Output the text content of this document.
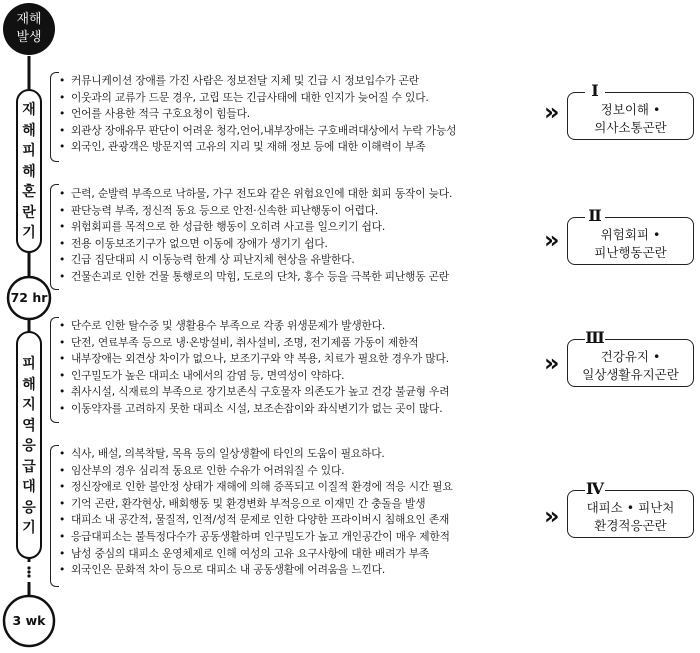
재해
발생
72 hr
3 wk
재해피해혼란기
피해지역응급대응기
• 커뮤니케이션 장애를 가진 사람은 정보전달 지체 및 긴급 시 정보입수가 곤란
• 이웃과의 교류가 드문 경우, 고립 또는 긴급사태에 대한 인지가 늦어질 수 있다.
• 언어를 사용한 적극 구호요청이 힘들다.
• 외관상 장애유무 판단이 어려운 청각,언어,내부장애는 구호배려대상에서 누락 가능성
• 외국인, 관광객은 방문지역 고유의 지리 및 재해 정보 등에 대한 이해력이 부족
• 근력, 순발력 부족으로 낙하물, 가구 전도와 같은 위험요인에 대한 회피 동작이 늦다.
• 판단능력 부족, 정신적 동요 등으로 안전·신속한 피난행동이 어렵다.
• 위험회피를 목적으로 한 성급한 행동이 오히려 사고를 일으키기 쉽다.
• 전용 이동보조기구가 없으면 이동에 장애가 생기기 쉽다.
• 긴급 집단대피 시 이동능력 한계 상 피난지체 현상을 유발한다.
• 건물손괴로 인한 건물 통행로의 막힘, 도로의 단차, 홍수 등을 극복한 피난행동 곤란
• 단수로 인한 탈수증 및 생활용수 부족으로 각종 위생문제가 발생한다.
• 단전, 연료부족 등으로 냉·온방설비, 취사설비, 조명, 전기제품 가동이 제한적
• 내부장애는 외견상 차이가 없으나, 보조기구와 약 복용, 치료가 필요한 경우가 많다.
• 인구밀도가 높은 대피소 내에서의 감염 등, 면역성이 약하다.
• 취사시설, 식재료의 부족으로 장기보존식 구호물자 의존도가 높고 건강 불균형 우려
• 이동약자를 고려하지 못한 대피소 시설, 보조손잡이와 좌식변기가 없는 곳이 많다.
• 식사, 배설, 의복착탈, 목욕 등의 일상생활에 타인의 도움이 필요하다.
• 임산부의 경우 심리적 동요로 인한 수유가 어려워질 수 있다.
• 정신장애로 인한 불안정 상태가 재해에 의해 증폭되고 이질적 환경에 적응 시간 필요
• 기억 곤란, 환각현상, 배회행동 및 환경변화 부적응으로 이재민 간 충돌을 발생
• 대피소 내 공간적, 물질적, 인적/성적 문제로 인한 다양한 프라이버시 침해요인 존재
• 응급대피소는 불특정다수가 공동생활하며 인구밀도가 높고 개인공간이 매우 제한적
• 남성 중심의 대피소 운영체제로 인해 여성의 고유 요구사항에 대한 배려가 부족
• 외국인은 문화적 차이 등으로 대피소 내 공동생활에 어려움을 느낀다.
»
»
»
»
정보이해 •
의사소통곤란
Ⅰ
위험회피 •
피난행동곤란
Ⅱ
건강유지 •
일상생활유지곤란
Ⅲ
대피소 • 피난처
환경적응곤란
Ⅳ
